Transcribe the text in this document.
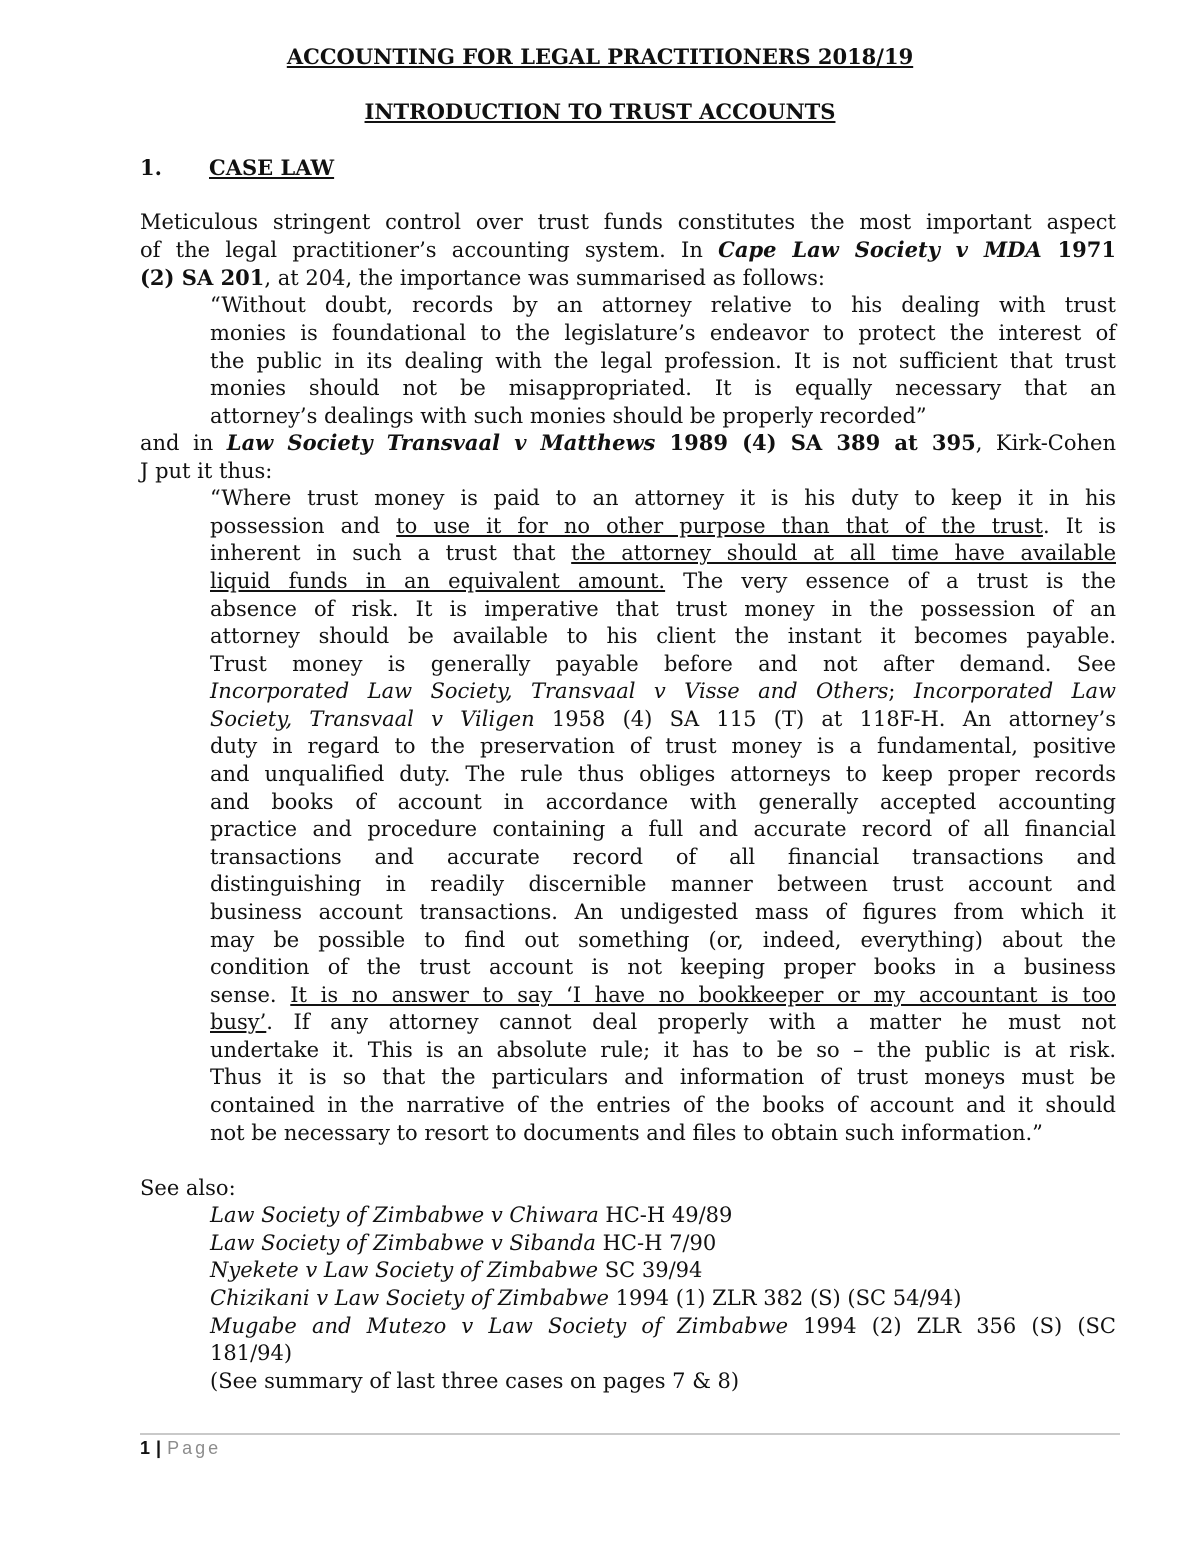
ACCOUNTING FOR LEGAL PRACTITIONERS 2018/19
INTRODUCTION TO TRUST ACCOUNTS
1. CASE LAW
Meticulous stringent control over trust funds constitutes the most important aspect
of the legal practitioner’s accounting system. In Cape Law Society v MDA 1971
(2) SA 201, at 204, the importance was summarised as follows:
“Without doubt, records by an attorney relative to his dealing with trust
monies is foundational to the legislature’s endeavor to protect the interest of
the public in its dealing with the legal profession. It is not sufficient that trust
monies should not be misappropriated. It is equally necessary that an
attorney’s dealings with such monies should be properly recorded”
and in Law Society Transvaal v Matthews 1989 (4) SA 389 at 395, Kirk-Cohen
J put it thus:
“Where trust money is paid to an attorney it is his duty to keep it in his
possession and to use it for no other purpose than that of the trust. It is
inherent in such a trust that the attorney should at all time have available
liquid funds in an equivalent amount. The very essence of a trust is the
absence of risk. It is imperative that trust money in the possession of an
attorney should be available to his client the instant it becomes payable.
Trust money is generally payable before and not after demand. See
Incorporated Law Society, Transvaal v Visse and Others; Incorporated Law
Society, Transvaal v Viligen 1958 (4) SA 115 (T) at 118F-H. An attorney’s
duty in regard to the preservation of trust money is a fundamental, positive
and unqualified duty. The rule thus obliges attorneys to keep proper records
and books of account in accordance with generally accepted accounting
practice and procedure containing a full and accurate record of all financial
transactions and accurate record of all financial transactions and
distinguishing in readily discernible manner between trust account and
business account transactions. An undigested mass of figures from which it
may be possible to find out something (or, indeed, everything) about the
condition of the trust account is not keeping proper books in a business
sense. It is no answer to say ‘I have no bookkeeper or my accountant is too
busy’. If any attorney cannot deal properly with a matter he must not
undertake it. This is an absolute rule; it has to be so – the public is at risk.
Thus it is so that the particulars and information of trust moneys must be
contained in the narrative of the entries of the books of account and it should
not be necessary to resort to documents and files to obtain such information.”
See also:
Law Society of Zimbabwe v Chiwara HC-H 49/89
Law Society of Zimbabwe v Sibanda HC-H 7/90
Nyekete v Law Society of Zimbabwe SC 39/94
Chizikani v Law Society of Zimbabwe 1994 (1) ZLR 382 (S) (SC 54/94)
Mugabe and Mutezo v Law Society of Zimbabwe 1994 (2) ZLR 356 (S) (SC
181/94)
(See summary of last three cases on pages 7 & 8)
1 | Page
